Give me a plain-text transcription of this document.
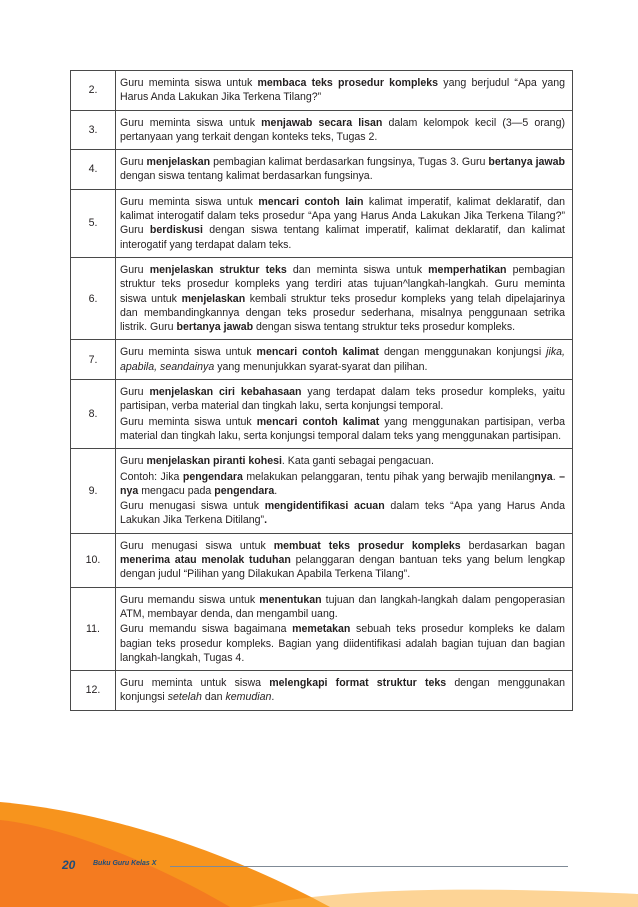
2.	Guru meminta siswa untuk membaca teks prosedur kompleks yang berjudul “Apa yang Harus Anda Lakukan Jika Terkena Tilang?”

3.	Guru meminta siswa untuk menjawab secara lisan dalam kelompok kecil (3—5 orang) pertanyaan yang terkait dengan konteks teks, Tugas 2.

4.	Guru menjelaskan pembagian kalimat berdasarkan fungsinya, Tugas 3. Guru bertanya jawab dengan siswa tentang kalimat berdasarkan fungsinya.

5.	Guru meminta siswa untuk mencari contoh lain kalimat imperatif, kalimat deklaratif, dan kalimat interogatif dalam teks prosedur “Apa yang Harus Anda Lakukan Jika Terkena Tilang?” Guru berdiskusi dengan siswa tentang kalimat imperatif, kalimat deklaratif, dan kalimat interogatif yang terdapat dalam teks.

6.	Guru menjelaskan struktur teks dan meminta siswa untuk memperhatikan pembagian struktur teks prosedur kompleks yang terdiri atas tujuan^langkah-langkah. Guru meminta siswa untuk menjelaskan kembali struktur teks prosedur kompleks yang telah dipelajarinya dan membandingkannya dengan teks prosedur sederhana, misalnya penggunaan setrika listrik. Guru bertanya jawab dengan siswa tentang struktur teks prosedur kompleks.

7.	Guru meminta siswa untuk mencari contoh kalimat dengan menggunakan konjungsi jika, apabila, seandainya yang menunjukkan syarat-syarat dan pilihan.

8.	Guru menjelaskan ciri kebahasaan yang terdapat dalam teks prosedur kompleks, yaitu partisipan, verba material dan tingkah laku, serta konjungsi temporal.

Guru meminta siswa untuk mencari contoh kalimat yang menggunakan partisipan, verba material dan tingkah laku, serta konjungsi temporal dalam teks yang menggunakan partisipan.

9.	Guru menjelaskan piranti kohesi. Kata ganti sebagai pengacuan.

Contoh: Jika pengendara melakukan pelanggaran, tentu pihak yang berwajib menilangnya. –nya mengacu pada pengendara.

Guru menugasi siswa untuk mengidentifikasi acuan dalam teks “Apa yang Harus Anda Lakukan Jika Terkena Ditilang”.

10.	Guru menugasi siswa untuk membuat teks prosedur kompleks berdasarkan bagan menerima atau menolak tuduhan pelanggaran dengan bantuan teks yang belum lengkap dengan judul “Pilihan yang Dilakukan Apabila Terkena Tilang”.

11.	Guru memandu siswa untuk menentukan tujuan dan langkah-langkah dalam pengoperasian ATM, membayar denda, dan mengambil uang.

Guru memandu siswa bagaimana memetakan sebuah teks prosedur kompleks ke dalam bagian teks prosedur kompleks. Bagian yang diidentifikasi adalah bagian tujuan dan bagian langkah-langkah, Tugas 4.

12.	Guru meminta untuk siswa melengkapi format struktur teks dengan menggunakan konjungsi setelah dan kemudian.

20	Buku Guru Kelas X
